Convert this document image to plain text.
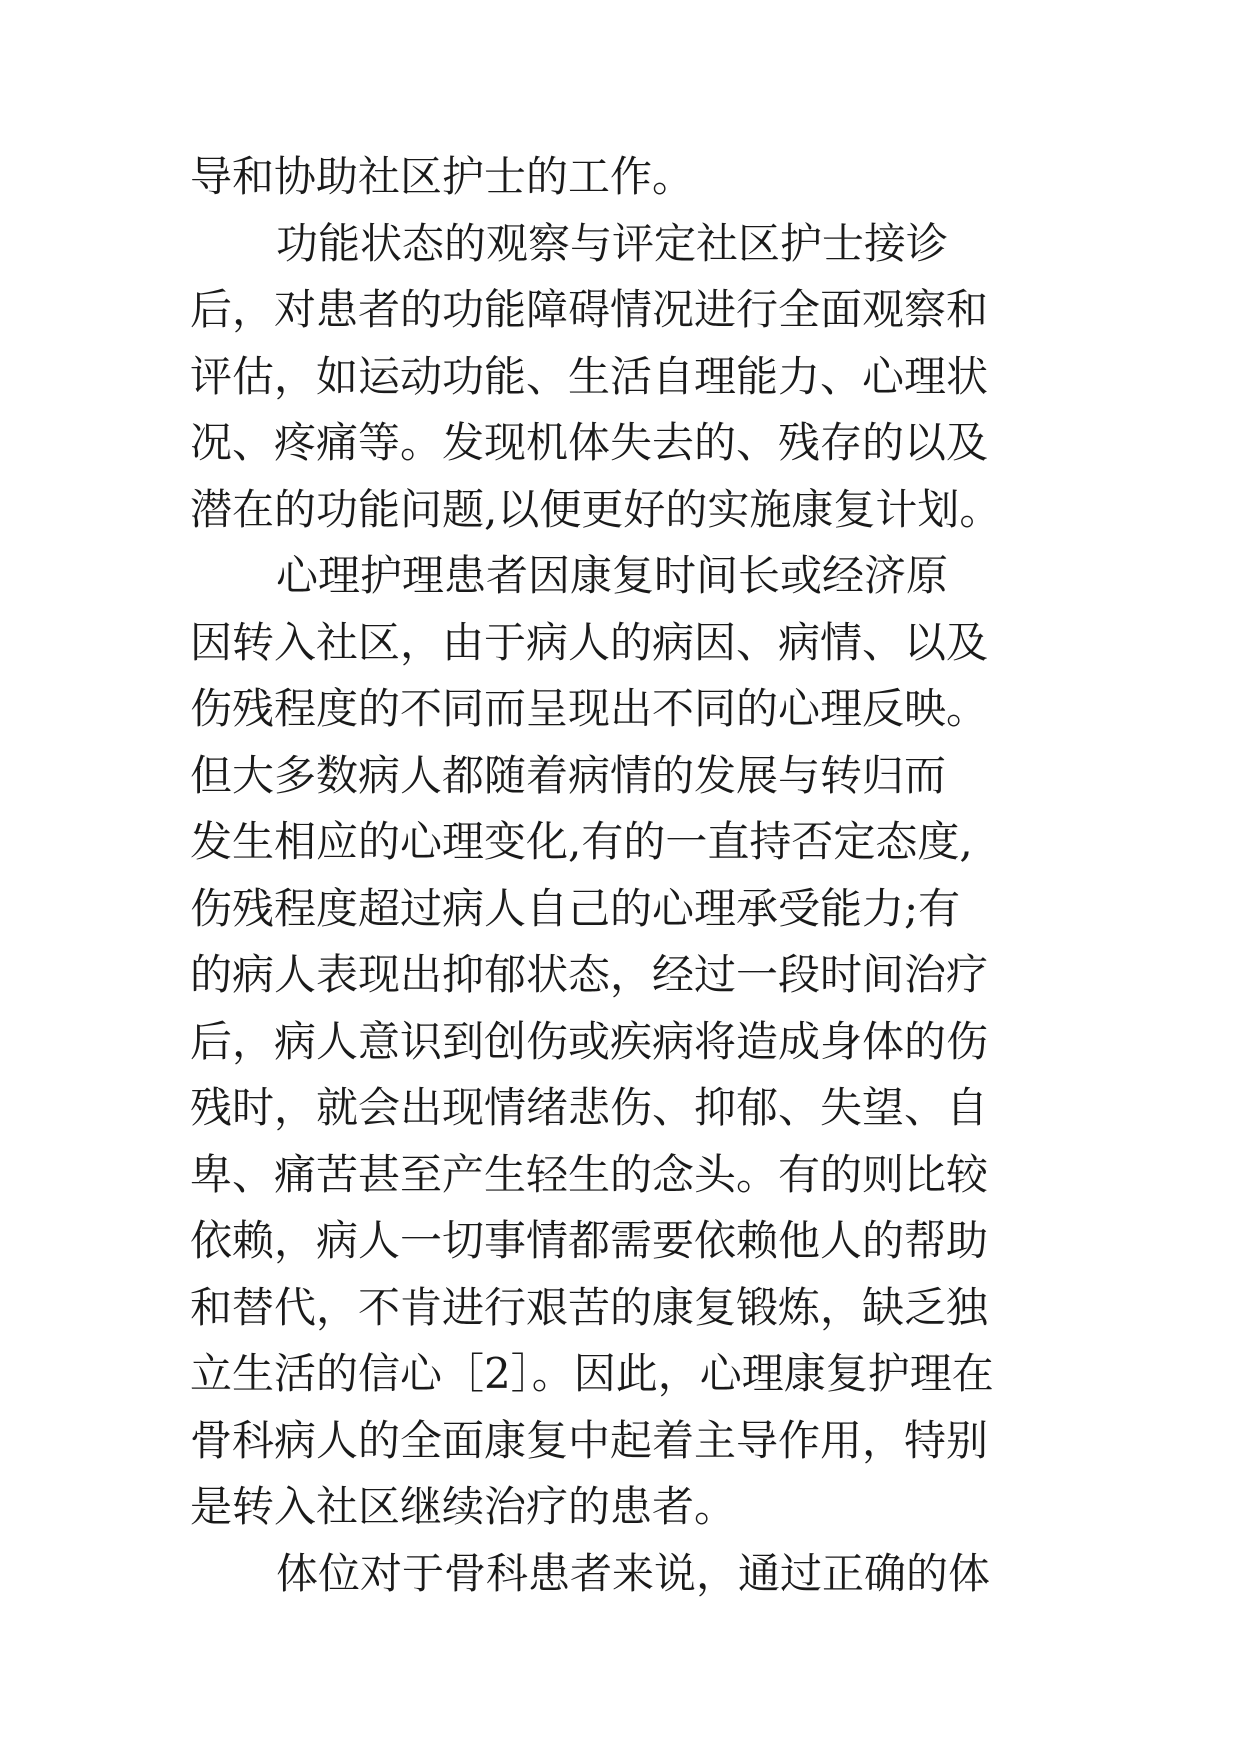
导和协助社区护士的工作。
功能状态的观察与评定社区护士接诊
后，对患者的功能障碍情况进行全面观察和
评估，如运动功能、生活自理能力、心理状
况、疼痛等。发现机体失去的、残存的以及
潜在的功能问题,以便更好的实施康复计划。
心理护理患者因康复时间长或经济原
因转入社区，由于病人的病因、病情、以及
伤残程度的不同而呈现出不同的心理反映。
但大多数病人都随着病情的发展与转归而
发生相应的心理变化,有的一直持否定态度,
伤残程度超过病人自己的心理承受能力;有
的病人表现出抑郁状态，经过一段时间治疗
后，病人意识到创伤或疾病将造成身体的伤
残时，就会出现情绪悲伤、抑郁、失望、自
卑、痛苦甚至产生轻生的念头。有的则比较
依赖，病人一切事情都需要依赖他人的帮助
和替代，不肯进行艰苦的康复锻炼，缺乏独
立生活的信心［2］。因此，心理康复护理在
骨科病人的全面康复中起着主导作用，特别
是转入社区继续治疗的患者。
体位对于骨科患者来说，通过正确的体
